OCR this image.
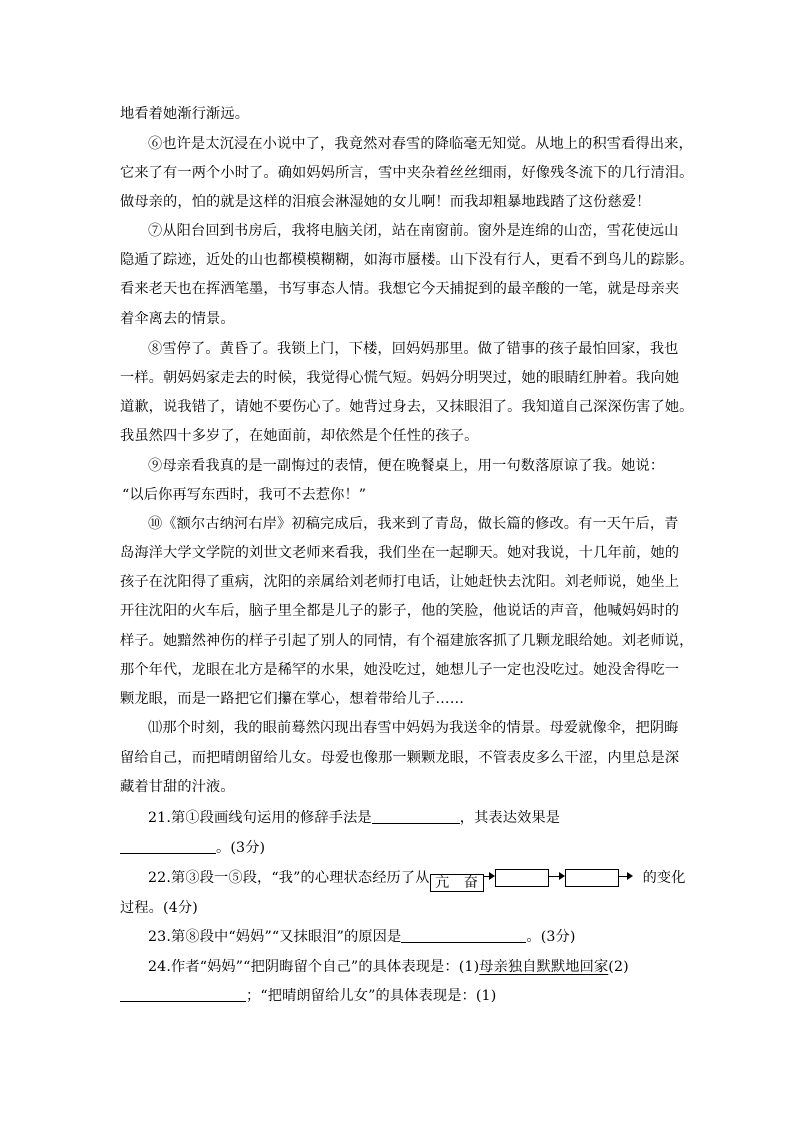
地看着她渐行渐远。
⑥也许是太沉浸在小说中了，我竟然对春雪的降临毫无知觉。从地上的积雪看得出来，
它来了有一两个小时了。确如妈妈所言，雪中夹杂着丝丝细雨，好像残冬流下的几行清泪。
做母亲的，怕的就是这样的泪痕会淋湿她的女儿啊！而我却粗暴地践踏了这份慈爱！
⑦从阳台回到书房后，我将电脑关闭，站在南窗前。窗外是连绵的山峦，雪花使远山
隐遁了踪迹，近处的山也都模模糊糊，如海市蜃楼。山下没有行人，更看不到鸟儿的踪影。
看来老天也在挥洒笔墨，书写事态人情。我想它今天捕捉到的最辛酸的一笔，就是母亲夹
着伞离去的情景。
⑧雪停了。黄昏了。我锁上门，下楼，回妈妈那里。做了错事的孩子最怕回家，我也
一样。朝妈妈家走去的时候，我觉得心慌气短。妈妈分明哭过，她的眼睛红肿着。我向她
道歉，说我错了，请她不要伤心了。她背过身去，又抹眼泪了。我知道自己深深伤害了她。
我虽然四十多岁了，在她面前，却依然是个任性的孩子。
⑨母亲看我真的是一副悔过的表情，便在晚餐桌上，用一句数落原谅了我。她说：
“以后你再写东西时，我可不去惹你！”
⑩《额尔古纳河右岸》初稿完成后，我来到了青岛，做长篇的修改。有一天午后，青
岛海洋大学文学院的刘世文老师来看我，我们坐在一起聊天。她对我说，十几年前，她的
孩子在沈阳得了重病，沈阳的亲属给刘老师打电话，让她赶快去沈阳。刘老师说，她坐上
开往沈阳的火车后，脑子里全都是儿子的影子，他的笑脸，他说话的声音，他喊妈妈时的
样子。她黯然神伤的样子引起了别人的同情，有个福建旅客抓了几颗龙眼给她。刘老师说，
那个年代，龙眼在北方是稀罕的水果，她没吃过，她想儿子一定也没吃过。她没舍得吃一
颗龙眼，而是一路把它们攥在掌心，想着带给儿子……
⑾那个时刻，我的眼前蓦然闪现出春雪中妈妈为我送伞的情景。母爱就像伞，把阴晦
留给自己，而把晴朗留给儿女。母爱也像那一颗颗龙眼，不管表皮多么干涩，内里总是深
藏着甘甜的汁液。
21.第①段画线句运用的修辞手法是	，其表达效果是
。(3分)
22.第③段一⑤段，“我”的心理状态经历了从 亢　奋	的变化
过程。(4分)
23.第⑧段中“妈妈”“又抹眼泪”的原因是	。(3分)
24.作者“妈妈”“把阴晦留个自己”的具体表现是：(1)母亲独自默默地回家(2)
；“把晴朗留给儿女”的具体表现是：(1)
